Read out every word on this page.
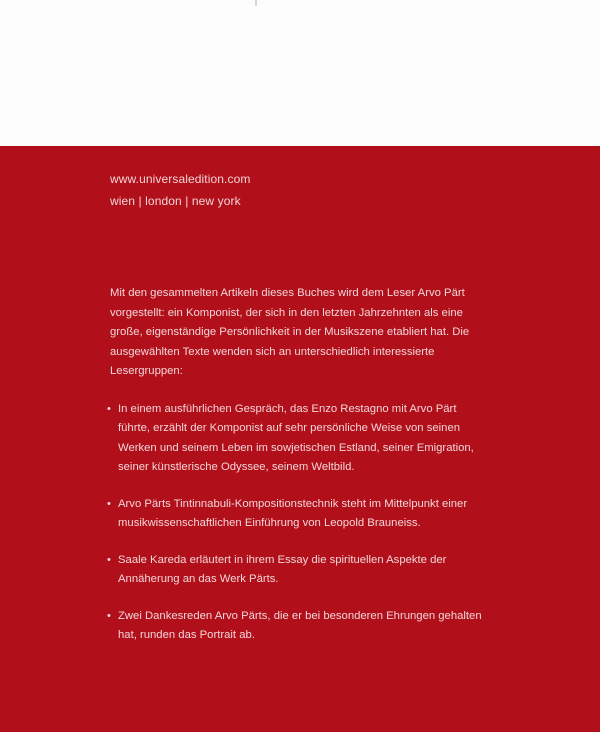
www.universaledition.com
wien | london | new york

Mit den gesammelten Artikeln dieses Buches wird dem Leser Arvo Pärt vorgestellt: ein Komponist, der sich in den letzten Jahrzehnten als eine große, eigenständige Persönlichkeit in der Musikszene etabliert hat. Die ausgewählten Texte wenden sich an unterschiedlich interessierte Lesergruppen:

• In einem ausführlichen Gespräch, das Enzo Restagno mit Arvo Pärt führte, erzählt der Komponist auf sehr persönliche Weise von seinen Werken und seinem Leben im sowjetischen Estland, seiner Emigration, seiner künstlerische Odyssee, seinem Weltbild.
• Arvo Pärts Tintinnabuli-Kompositionstechnik steht im Mittelpunkt einer musikwissenschaftlichen Einführung von Leopold Brauneiss.
• Saale Kareda erläutert in ihrem Essay die spirituellen Aspekte der Annäherung an das Werk Pärts.
• Zwei Dankesreden Arvo Pärts, die er bei besonderen Ehrungen gehalten hat, runden das Portrait ab.
